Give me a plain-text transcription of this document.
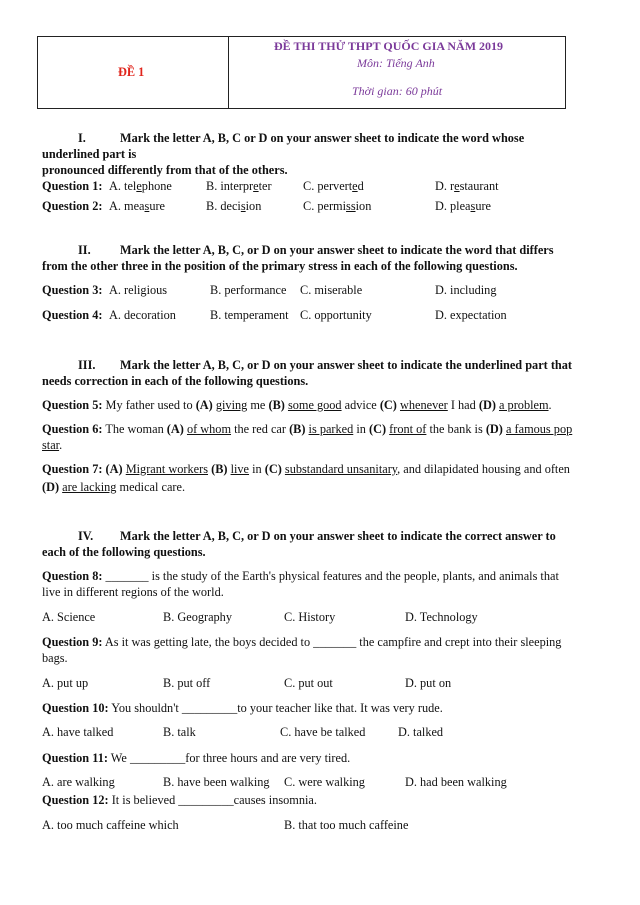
ĐỀ 1
ĐỀ THI THỬ THPT QUỐC GIA NĂM 2019
Môn: Tiếng Anh
Thời gian: 60 phút
I.	Mark the letter A, B, C or D on your answer sheet to indicate the word whose
underlined part is
pronounced differently from that of the others.
Question 1: A. telephone	B. interpreter	C. perverted	D. restaurant
Question 2: A. measure	B. decision	C. permission	D. pleasure
II. Mark the letter A, B, C, or D on your answer sheet to indicate the word that differs
from the other three in the position of the primary stress in each of the following questions.
Question 3: A. religious	B. performance C. miserable	D. including
Question 4: A. decoration	B. temperament C. opportunity	D. expectation
III. Mark the letter A, B, C, or D on your answer sheet to indicate the underlined part that
needs correction in each of the following questions.
Question 5: My father used to (A) giving me (B) some good advice (C) whenever I had (D) a problem.
Question 6: The woman (A) of whom the red car (B) is parked in (C) front of the bank is (D) a famous pop
star.
Question 7: (A) Migrant workers (B) live in (C) substandard unsanitary, and dilapidated housing and often
(D) are lacking medical care.
IV. Mark the letter A, B, C, or D on your answer sheet to indicate the correct answer to
each of the following questions.
Question 8: _______ is the study of the Earth's physical features and the people, plants, and animals that
live in different regions of the world.
A. Science	B. Geography	C. History	D. Technology
Question 9: As it was getting late, the boys decided to _______ the campfire and crept into their sleeping
bags.
A. put up	B. put off	C. put out	D. put on
Question 10: You shouldn't _________to your teacher like that. It was very rude.
A. have talked	B. talk	C. have be talked	D. talked
Question 11: We _________for three hours and are very tired.
A. are walking	B. have been walking C. were walking	D. had been walking
Question 12: It is believed _________causes insomnia.
A. too much caffeine which	B. that too much caffeine
